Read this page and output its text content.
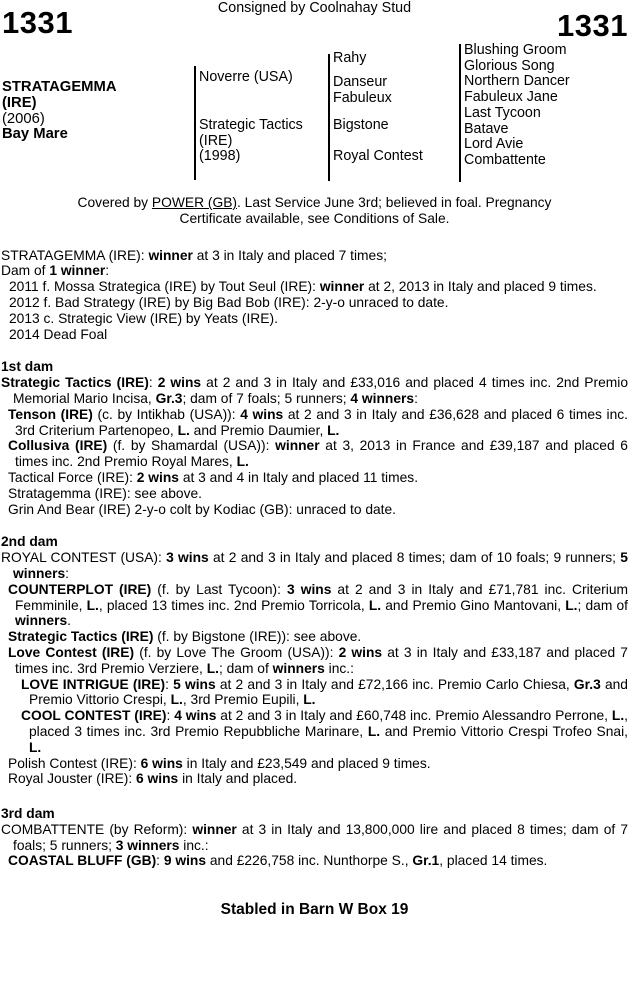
1331	Consigned by Coolnahay Stud	1331
STRATAGEMMA
(IRE)
(2006)
Bay Mare
Noverre (USA)
Strategic Tactics (IRE)
(1998)
Rahy
Danseur Fabuleux
Bigstone
Royal Contest
Blushing Groom
Glorious Song
Northern Dancer
Fabuleux Jane
Last Tycoon
Batave
Lord Avie
Combattente
Covered by POWER (GB). Last Service June 3rd; believed in foal. Pregnancy
Certificate available, see Conditions of Sale.
STRATAGEMMA (IRE): winner at 3 in Italy and placed 7 times;
Dam of 1 winner:
2011 f. Mossa Strategica (IRE) by Tout Seul (IRE): winner at 2, 2013 in Italy and placed 9 times.
2012 f. Bad Strategy (IRE) by Big Bad Bob (IRE): 2-y-o unraced to date.
2013 c. Strategic View (IRE) by Yeats (IRE).
2014 Dead Foal
1st dam
Strategic Tactics (IRE): 2 wins at 2 and 3 in Italy and £33,016 and placed 4 times inc. 2nd Premio Memorial Mario Incisa, Gr.3; dam of 7 foals; 5 runners; 4 winners:
Tenson (IRE) (c. by Intikhab (USA)): 4 wins at 2 and 3 in Italy and £36,628 and placed 6 times inc. 3rd Criterium Partenopeo, L. and Premio Daumier, L.
Collusiva (IRE) (f. by Shamardal (USA)): winner at 3, 2013 in France and £39,187 and placed 6 times inc. 2nd Premio Royal Mares, L.
Tactical Force (IRE): 2 wins at 3 and 4 in Italy and placed 11 times.
Stratagemma (IRE): see above.
Grin And Bear (IRE) 2-y-o colt by Kodiac (GB): unraced to date.
2nd dam
ROYAL CONTEST (USA): 3 wins at 2 and 3 in Italy and placed 8 times; dam of 10 foals; 9 runners; 5 winners:
COUNTERPLOT (IRE) (f. by Last Tycoon): 3 wins at 2 and 3 in Italy and £71,781 inc. Criterium Femminile, L., placed 13 times inc. 2nd Premio Torricola, L. and Premio Gino Mantovani, L.; dam of winners.
Strategic Tactics (IRE) (f. by Bigstone (IRE)): see above.
Love Contest (IRE) (f. by Love The Groom (USA)): 2 wins at 3 in Italy and £33,187 and placed 7 times inc. 3rd Premio Verziere, L.; dam of winners inc.:
LOVE INTRIGUE (IRE): 5 wins at 2 and 3 in Italy and £72,166 inc. Premio Carlo Chiesa, Gr.3 and Premio Vittorio Crespi, L., 3rd Premio Eupili, L.
COOL CONTEST (IRE): 4 wins at 2 and 3 in Italy and £60,748 inc. Premio Alessandro Perrone, L., placed 3 times inc. 3rd Premio Repubbliche Marinare, L. and Premio Vittorio Crespi Trofeo Snai, L.
Polish Contest (IRE): 6 wins in Italy and £23,549 and placed 9 times.
Royal Jouster (IRE): 6 wins in Italy and placed.
3rd dam
COMBATTENTE (by Reform): winner at 3 in Italy and 13,800,000 lire and placed 8 times; dam of 7 foals; 5 runners; 3 winners inc.:
COASTAL BLUFF (GB): 9 wins and £226,758 inc. Nunthorpe S., Gr.1, placed 14 times.
Stabled in Barn W Box 19
